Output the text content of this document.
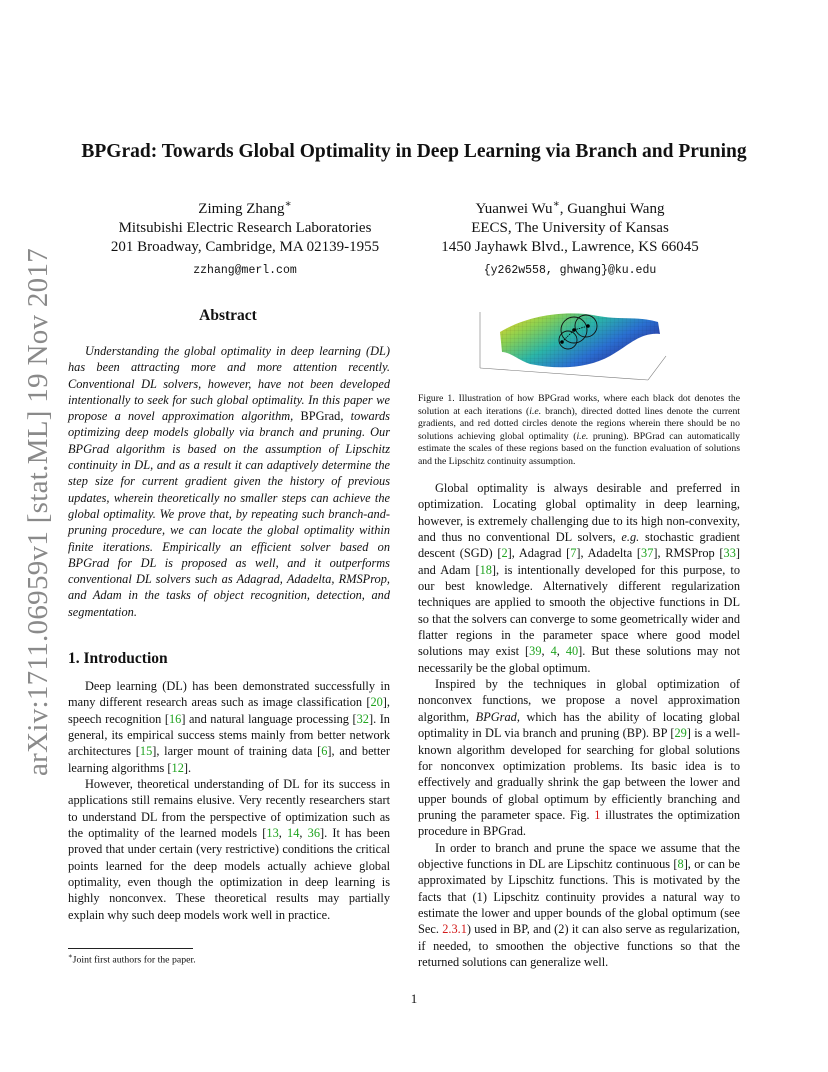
arXiv:1711.06959v1 [stat.ML] 19 Nov 2017
BPGrad: Towards Global Optimality in Deep Learning via Branch and Pruning
Ziming Zhang∗
Mitsubishi Electric Research Laboratories
201 Broadway, Cambridge, MA 02139-1955
zzhang@merl.com
Yuanwei Wu∗, Guanghui Wang
EECS, The University of Kansas
1450 Jayhawk Blvd., Lawrence, KS 66045
{y262w558, ghwang}@ku.edu
Abstract
Understanding the global optimality in deep learning (DL) has been attracting more and more attention recently. Conventional DL solvers, however, have not been developed intentionally to seek for such global optimality. In this paper we propose a novel approximation algorithm, BPGrad, towards optimizing deep models globally via branch and pruning. Our BPGrad algorithm is based on the assumption of Lipschitz continuity in DL, and as a result it can adaptively determine the step size for current gradient given the history of previous updates, wherein theoretically no smaller steps can achieve the global optimality. We prove that, by repeating such branch-and-pruning procedure, we can locate the global optimality within finite iterations. Empirically an efficient solver based on BPGrad for DL is proposed as well, and it outperforms conventional DL solvers such as Adagrad, Adadelta, RMSProp, and Adam in the tasks of object recognition, detection, and segmentation.
1. Introduction

Deep learning (DL) has been demonstrated successfully in many different research areas such as image classification [20], speech recognition [16] and natural language processing [32]. In general, its empirical success stems mainly from better network architectures [15], larger mount of training data [6], and better learning algorithms [12].

However, theoretical understanding of DL for its success in applications still remains elusive. Very recently researchers start to understand DL from the perspective of optimization such as the optimality of the learned models [13, 14, 36]. It has been proved that under certain (very restrictive) conditions the critical points learned for the deep models actually achieve global optimality, even though the optimization in deep learning is highly nonconvex. These theoretical results may partially explain why such deep models work well in practice.

∗Joint first authors for the paper.
Figure 1. Illustration of how BPGrad works, where each black dot denotes the solution at each iterations (i.e. branch), directed dotted lines denote the current gradients, and red dotted circles denote the regions wherein there should be no solutions achieving global optimality (i.e. pruning). BPGrad can automatically estimate the scales of these regions based on the function evaluation of solutions and the Lipschitz continuity assumption.

Global optimality is always desirable and preferred in optimization. Locating global optimality in deep learning, however, is extremely challenging due to its high non-convexity, and thus no conventional DL solvers, e.g. stochastic gradient descent (SGD) [2], Adagrad [7], Adadelta [37], RMSProp [33] and Adam [18], is intentionally developed for this purpose, to our best knowledge. Alternatively different regularization techniques are applied to smooth the objective functions in DL so that the solvers can converge to some geometrically wider and flatter regions in the parameter space where good model solutions may exist [39, 4, 40]. But these solutions may not necessarily be the global optimum.

Inspired by the techniques in global optimization of nonconvex functions, we propose a novel approximation algorithm, BPGrad, which has the ability of locating global optimality in DL via branch and pruning (BP). BP [29] is a well-known algorithm developed for searching for global solutions for nonconvex optimization problems. Its basic idea is to effectively and gradually shrink the gap between the lower and upper bounds of global optimum by efficiently branching and pruning the parameter space. Fig. 1 illustrates the optimization procedure in BPGrad.

In order to branch and prune the space we assume that the objective functions in DL are Lipschitz continuous [8], or can be approximated by Lipschitz functions. This is motivated by the facts that (1) Lipschitz continuity provides a natural way to estimate the lower and upper bounds of the global optimum (see Sec. 2.3.1) used in BP, and (2) it can also serve as regularization, if needed, to smoothen the objective functions so that the returned solutions can generalize well.

1
